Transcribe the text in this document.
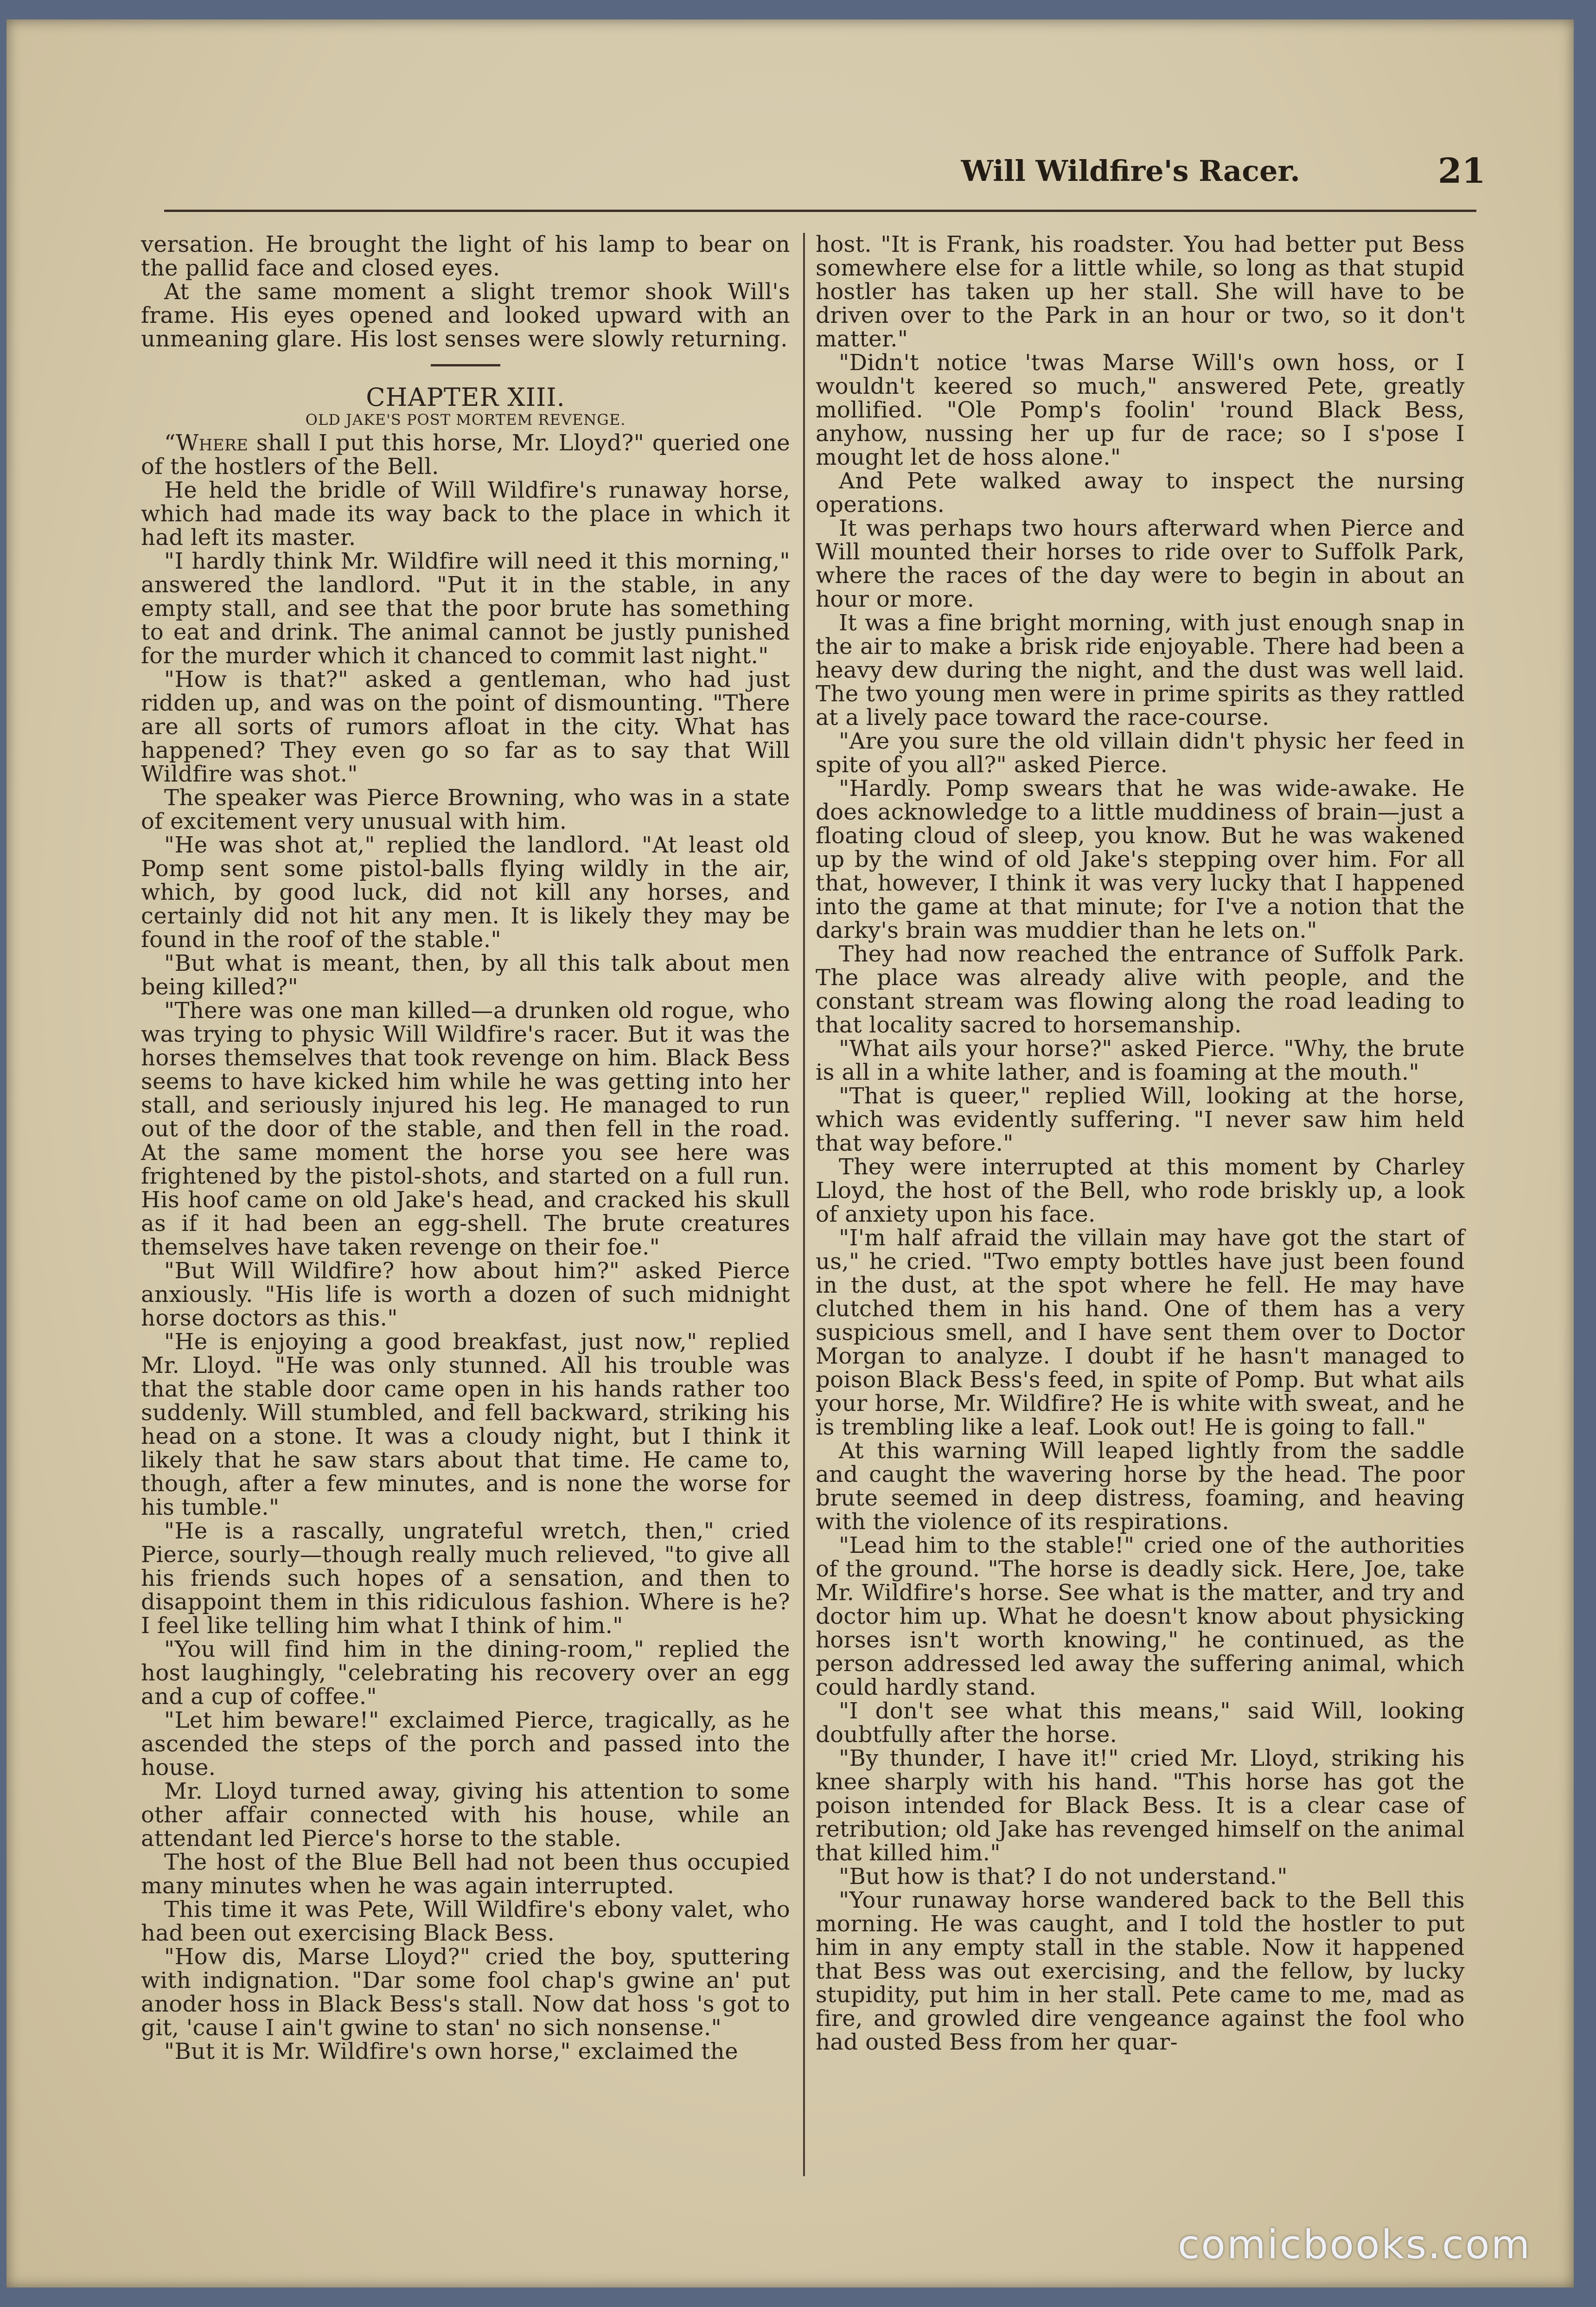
Will Wildfire's Racer.	21

versation. He brought the light of his lamp to bear on the pallid face and closed eyes.

At the same moment a slight tremor shook Will's frame. His eyes opened and looked upward with an unmeaning glare. His lost senses were slowly returning.

CHAPTER XIII.

OLD JAKE'S POST MORTEM REVENGE.

“Where shall I put this horse, Mr. Lloyd?" queried one of the hostlers of the Bell.

He held the bridle of Will Wildfire's runaway horse, which had made its way back to the place in which it had left its master.

"I hardly think Mr. Wildfire will need it this morning," answered the landlord. "Put it in the stable, in any empty stall, and see that the poor brute has something to eat and drink. The animal cannot be justly punished for the murder which it chanced to commit last night."

"How is that?" asked a gentleman, who had just ridden up, and was on the point of dismounting. "There are all sorts of rumors afloat in the city. What has happened? They even go so far as to say that Will Wildfire was shot."

The speaker was Pierce Browning, who was in a state of excitement very unusual with him.

"He was shot at," replied the landlord. "At least old Pomp sent some pistol-balls flying wildly in the air, which, by good luck, did not kill any horses, and certainly did not hit any men. It is likely they may be found in the roof of the stable."

"But what is meant, then, by all this talk about men being killed?"

"There was one man killed—a drunken old rogue, who was trying to physic Will Wildfire's racer. But it was the horses themselves that took revenge on him. Black Bess seems to have kicked him while he was getting into her stall, and seriously injured his leg. He managed to run out of the door of the stable, and then fell in the road. At the same moment the horse you see here was frightened by the pistol-shots, and started on a full run. His hoof came on old Jake's head, and cracked his skull as if it had been an egg-shell. The brute creatures themselves have taken revenge on their foe."

"But Will Wildfire? how about him?" asked Pierce anxiously. "His life is worth a dozen of such midnight horse doctors as this."

"He is enjoying a good breakfast, just now," replied Mr. Lloyd. "He was only stunned. All his trouble was that the stable door came open in his hands rather too suddenly. Will stumbled, and fell backward, striking his head on a stone. It was a cloudy night, but I think it likely that he saw stars about that time. He came to, though, after a few minutes, and is none the worse for his tumble."

"He is a rascally, ungrateful wretch, then," cried Pierce, sourly—though really much relieved, "to give all his friends such hopes of a sensation, and then to disappoint them in this ridiculous fashion. Where is he? I feel like telling him what I think of him."

"You will find him in the dining-room," replied the host laughingly, "celebrating his recovery over an egg and a cup of coffee."

"Let him beware!" exclaimed Pierce, tragically, as he ascended the steps of the porch and passed into the house.

Mr. Lloyd turned away, giving his attention to some other affair connected with his house, while an attendant led Pierce's horse to the stable.

The host of the Blue Bell had not been thus occupied many minutes when he was again interrupted.

This time it was Pete, Will Wildfire's ebony valet, who had been out exercising Black Bess.

"How dis, Marse Lloyd?" cried the boy, sputtering with indignation. "Dar some fool chap's gwine an' put anoder hoss in Black Bess's stall. Now dat hoss 's got to git, 'cause I ain't gwine to stan' no sich nonsense."

"But it is Mr. Wildfire's own horse," exclaimed the

host. "It is Frank, his roadster. You had better put Bess somewhere else for a little while, so long as that stupid hostler has taken up her stall. She will have to be driven over to the Park in an hour or two, so it don't matter."

"Didn't notice 'twas Marse Will's own hoss, or I wouldn't keered so much," answered Pete, greatly mollified. "Ole Pomp's foolin' 'round Black Bess, anyhow, nussing her up fur de race; so I s'pose I mought let de hoss alone."

And Pete walked away to inspect the nursing operations.

It was perhaps two hours afterward when Pierce and Will mounted their horses to ride over to Suffolk Park, where the races of the day were to begin in about an hour or more.

It was a fine bright morning, with just enough snap in the air to make a brisk ride enjoyable. There had been a heavy dew during the night, and the dust was well laid. The two young men were in prime spirits as they rattled at a lively pace toward the race-course.

"Are you sure the old villain didn't physic her feed in spite of you all?" asked Pierce.

"Hardly. Pomp swears that he was wide-awake. He does acknowledge to a little muddiness of brain—just a floating cloud of sleep, you know. But he was wakened up by the wind of old Jake's stepping over him. For all that, however, I think it was very lucky that I happened into the game at that minute; for I've a notion that the darky's brain was muddier than he lets on."

They had now reached the entrance of Suffolk Park. The place was already alive with people, and the constant stream was flowing along the road leading to that locality sacred to horsemanship.

"What ails your horse?" asked Pierce. "Why, the brute is all in a white lather, and is foaming at the mouth."

"That is queer," replied Will, looking at the horse, which was evidently suffering. "I never saw him held that way before."

They were interrupted at this moment by Charley Lloyd, the host of the Bell, who rode briskly up, a look of anxiety upon his face.

"I'm half afraid the villain may have got the start of us," he cried. "Two empty bottles have just been found in the dust, at the spot where he fell. He may have clutched them in his hand. One of them has a very suspicious smell, and I have sent them over to Doctor Morgan to analyze. I doubt if he hasn't managed to poison Black Bess's feed, in spite of Pomp. But what ails your horse, Mr. Wildfire? He is white with sweat, and he is trembling like a leaf. Look out! He is going to fall."

At this warning Will leaped lightly from the saddle and caught the wavering horse by the head. The poor brute seemed in deep distress, foaming, and heaving with the violence of its respirations.

"Lead him to the stable!" cried one of the authorities of the ground. "The horse is deadly sick. Here, Joe, take Mr. Wildfire's horse. See what is the matter, and try and doctor him up. What he doesn't know about physicking horses isn't worth knowing," he continued, as the person addressed led away the suffering animal, which could hardly stand.

"I don't see what this means," said Will, looking doubtfully after the horse.

"By thunder, I have it!" cried Mr. Lloyd, striking his knee sharply with his hand. "This horse has got the poison intended for Black Bess. It is a clear case of retribution; old Jake has revenged himself on the animal that killed him."

"But how is that? I do not understand."

"Your runaway horse wandered back to the Bell this morning. He was caught, and I told the hostler to put him in any empty stall in the stable. Now it happened that Bess was out exercising, and the fellow, by lucky stupidity, put him in her stall. Pete came to me, mad as fire, and growled dire vengeance against the fool who had ousted Bess from her quar-

comicbooks.com
